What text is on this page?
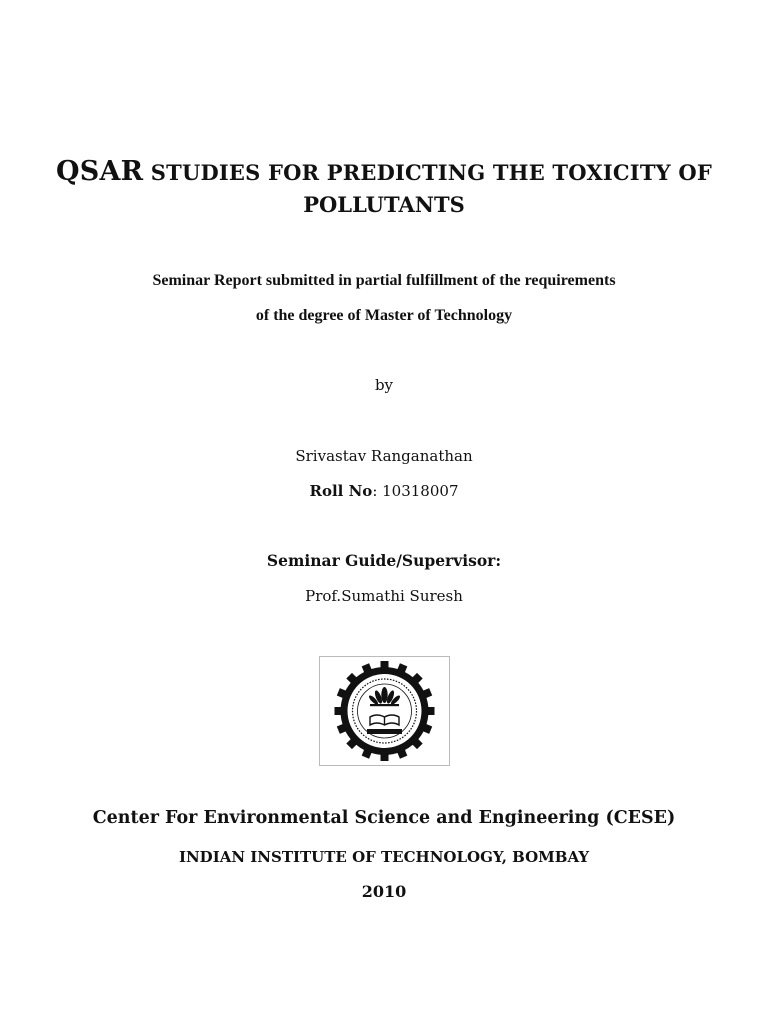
QSAR STUDIES FOR PREDICTING THE TOXICITY OF
POLLUTANTS
Seminar Report submitted in partial fulfillment of the requirements
of the degree of Master of Technology
by
Srivastav Ranganathan
Roll No: 10318007
Seminar Guide/Supervisor:
Prof.Sumathi Suresh
Center For Environmental Science and Engineering (CESE)
INDIAN INSTITUTE OF TECHNOLOGY, BOMBAY
2010
